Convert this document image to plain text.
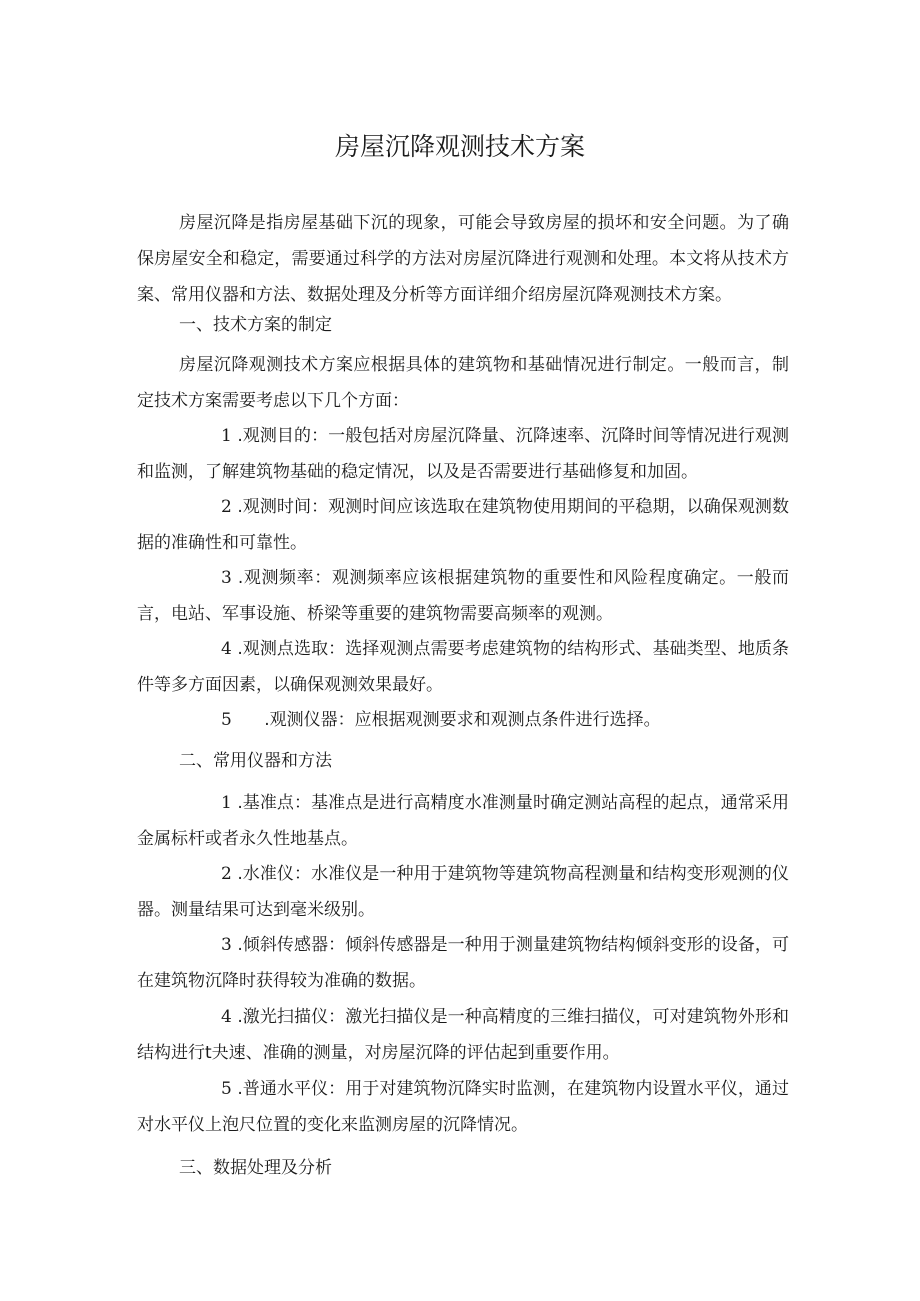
房屋沉降观测技术方案

房屋沉降是指房屋基础下沉的现象，可能会导致房屋的损坏和安全问题。为了确保房屋安全和稳定，需要通过科学的方法对房屋沉降进行观测和处理。本文将从技术方案、常用仪器和方法、数据处理及分析等方面详细介绍房屋沉降观测技术方案。

一、技术方案的制定

房屋沉降观测技术方案应根据具体的建筑物和基础情况进行制定。一般而言，制定技术方案需要考虑以下几个方面：

1 .观测目的：一般包括对房屋沉降量、沉降速率、沉降时间等情况进行观测和监测，了解建筑物基础的稳定情况，以及是否需要进行基础修复和加固。

2 .观测时间：观测时间应该选取在建筑物使用期间的平稳期，以确保观测数据的准确性和可靠性。

3 .观测频率：观测频率应该根据建筑物的重要性和风险程度确定。一般而言，电站、军事设施、桥梁等重要的建筑物需要高频率的观测。

4 .观测点选取：选择观测点需要考虑建筑物的结构形式、基础类型、地质条件等多方面因素，以确保观测效果最好。

5 .观测仪器：应根据观测要求和观测点条件进行选择。

二、常用仪器和方法

1 .基准点：基准点是进行高精度水准测量时确定测站高程的起点，通常采用金属标杆或者永久性地基点。

2 .水准仪：水准仪是一种用于建筑物等建筑物高程测量和结构变形观测的仪器。测量结果可达到毫米级别。

3 .倾斜传感器：倾斜传感器是一种用于测量建筑物结构倾斜变形的设备，可在建筑物沉降时获得较为准确的数据。

4 .激光扫描仪：激光扫描仪是一种高精度的三维扫描仪，可对建筑物外形和结构进行t夬速、准确的测量，对房屋沉降的评估起到重要作用。

5 .普通水平仪：用于对建筑物沉降实时监测，在建筑物内设置水平仪，通过对水平仪上泡尺位置的变化来监测房屋的沉降情况。

三、数据处理及分析
